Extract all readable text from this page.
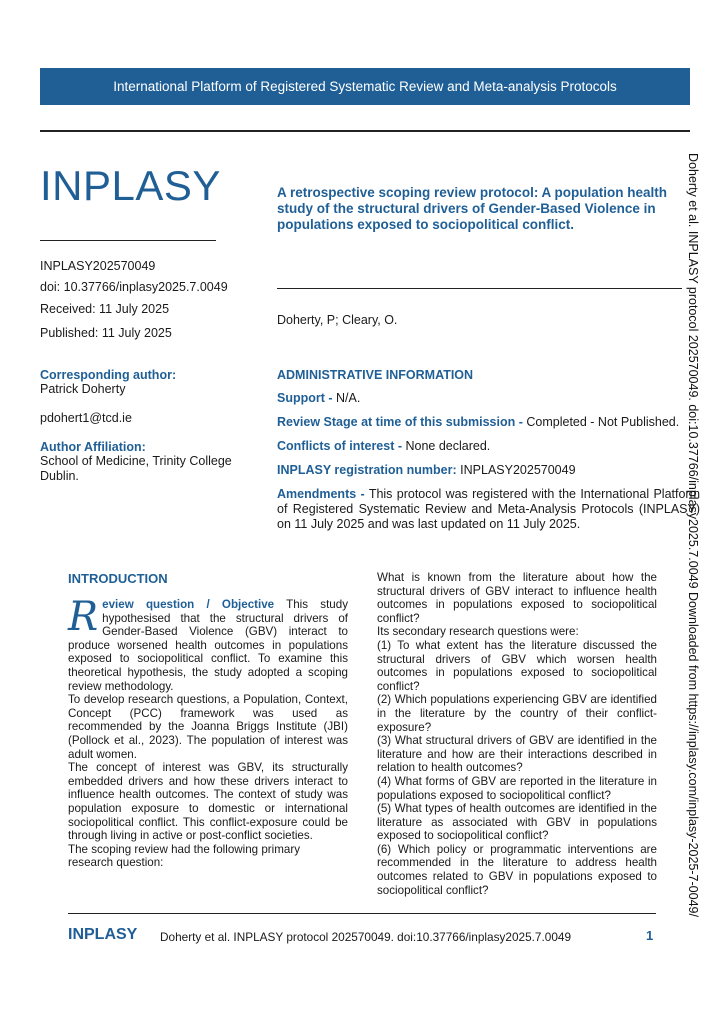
International Platform of Registered Systematic Review and Meta-analysis Protocols
INPLASY	A retrospective scoping review protocol: A population health study of the structural drivers of Gender-Based Violence in populations exposed to sociopolitical conflict.
INPLASY202570049
doi: 10.37766/inplasy2025.7.0049
Received: 11 July 2025
Published: 11 July 2025
Doherty, P; Cleary, O.
Corresponding author:
Patrick Doherty
pdohert1@tcd.ie
Author Affiliation:
School of Medicine, Trinity College Dublin.
ADMINISTRATIVE INFORMATION
Support - N/A.
Review Stage at time of this submission - Completed - Not Published.
Conflicts of interest - None declared.
INPLASY registration number: INPLASY202570049
Amendments - This protocol was registered with the International Platform of Registered Systematic Review and Meta-Analysis Protocols (INPLASY) on 11 July 2025 and was last updated on 11 July 2025.
INTRODUCTION

Review question / Objective This study hypothesised that the structural drivers of Gender-Based Violence (GBV) interact to produce worsened health outcomes in populations exposed to sociopolitical conflict. To examine this theoretical hypothesis, the study adopted a scoping review methodology.

To develop research questions, a Population, Context, Concept (PCC) framework was used as recommended by the Joanna Briggs Institute (JBI) (Pollock et al., 2023). The population of interest was adult women.

The concept of interest was GBV, its structurally embedded drivers and how these drivers interact to influence health outcomes. The context of study was population exposure to domestic or international sociopolitical conflict. This conflict-exposure could be through living in active or post-conflict societies.

The scoping review had the following primary research question:

What is known from the literature about how the structural drivers of GBV interact to influence health outcomes in populations exposed to sociopolitical conflict?

Its secondary research questions were:

(1) To what extent has the literature discussed the structural drivers of GBV which worsen health outcomes in populations exposed to sociopolitical conflict?

(2) Which populations experiencing GBV are identified in the literature by the country of their conflict-exposure?

(3) What structural drivers of GBV are identified in the literature and how are their interactions described in relation to health outcomes?

(4) What forms of GBV are reported in the literature in populations exposed to sociopolitical conflict?

(5) What types of health outcomes are identified in the literature as associated with GBV in populations exposed to sociopolitical conflict?

(6) Which policy or programmatic interventions are recommended in the literature to address health outcomes related to GBV in populations exposed to sociopolitical conflict?	Doherty et al. INPLASY protocol 202570049. doi:10.37766/inplasy2025.7.0049 Downloaded from https://inplasy.com/inplasy-2025-7-0049/
INPLASY Doherty et al. INPLASY protocol 202570049. doi:10.37766/inplasy2025.7.0049	1
